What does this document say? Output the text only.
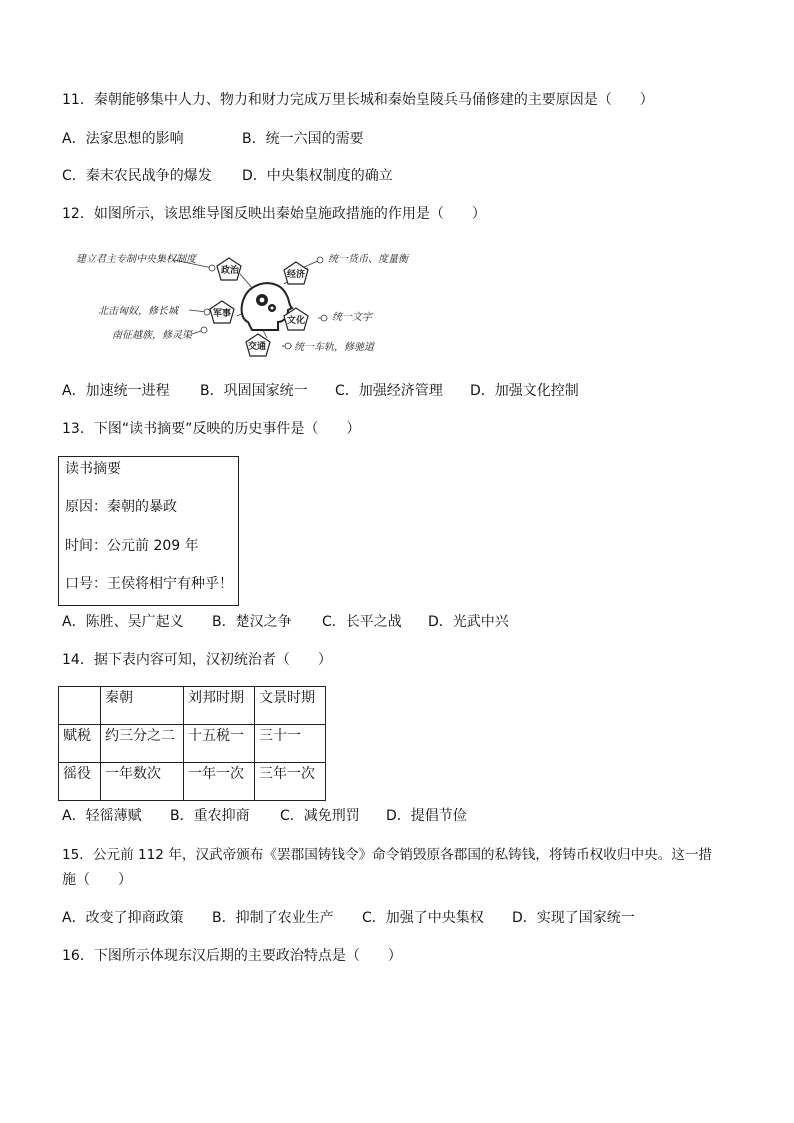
11．秦朝能够集中人力、物力和财力完成万里长城和秦始皇陵兵马俑修建的主要原因是（　　）
A．法家思想的影响	B．统一六国的需要
C．秦末农民战争的爆发 D．中央集权制度的确立
12．如图所示，该思维导图反映出秦始皇施政措施的作用是（　　）
政治	经济
军事
文化
交通
建立君主专制中央集权制度	统一货币、度量衡
北击匈奴，修长城
统一文字
南征越族，修灵渠
统一车轨，修驰道
A．加速统一进程 B．巩固国家统一 C．加强经济管理 D．加强文化控制
13．下图“读书摘要”反映的历史事件是（　　）
读书摘要
原因：秦朝的暴政
时间：公元前 209 年
口号：王侯将相宁有种乎！
A．陈胜、吴广起义 B．楚汉之争 C．长平之战 D．光武中兴
14．据下表内容可知，汉初统治者（　　）
	秦朝	刘邦时期	文景时期
赋税	约三分之二	十五税一	三十一
徭役	一年数次	一年一次	三年一次
A．轻徭薄赋 B．重农抑商 C．减免刑罚 D．提倡节俭
15．公元前 112 年，汉武帝颁布《罢郡国铸钱令》命令销毁原各郡国的私铸钱，将铸币权收归中央。这一措
施（　　）
A．改变了抑商政策 B．抑制了农业生产 C．加强了中央集权 D．实现了国家统一
16．下图所示体现东汉后期的主要政治特点是（　　）
